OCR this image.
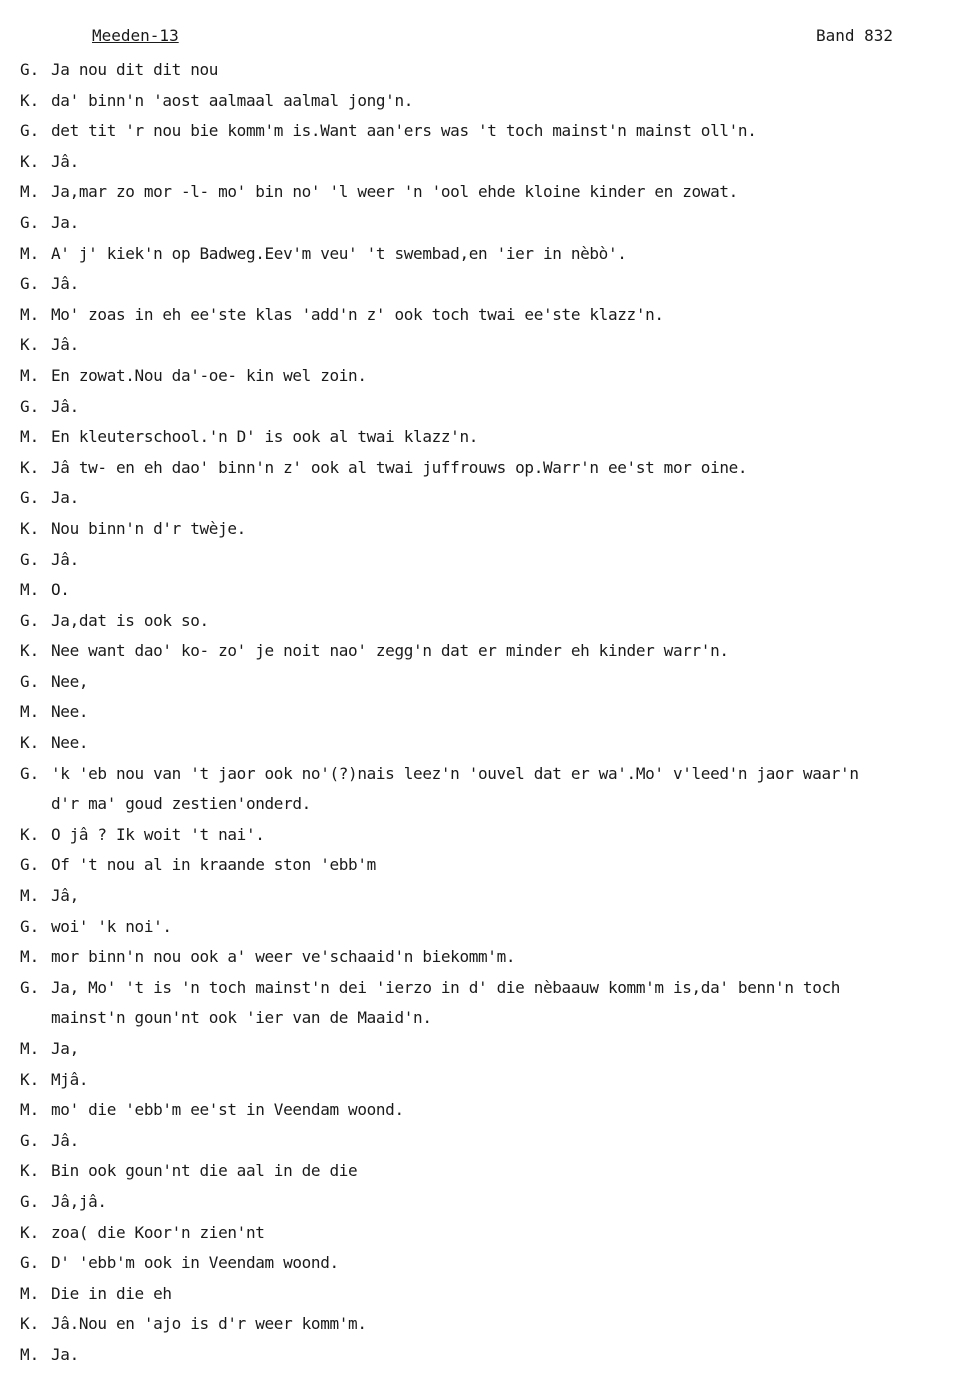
Meeden-13	Band 832
G. Ja nou dit dit nou
K. da' binn'n 'aost aalmaal aalmal jong'n.
G. det tit 'r nou bie komm'm is.Want aan'ers was 't toch mainst'n mainst oll'n.
K. Jâ.
M. Ja,mar zo mor -l- mo' bin no' 'l weer 'n 'ool ehde kloine kinder en zowat.
G. Ja.
M. A' j' kiek'n op Badweg.Eev'm veu' 't swembad,en 'ier in nèbò'.
G. Jâ.
M. Mo' zoas in eh ee'ste klas 'add'n z' ook toch twai ee'ste klazz'n.
K. Jâ.
M. En zowat.Nou da'-oe- kin wel zoin.
G. Jâ.
M. En kleuterschool.'n D' is ook al twai klazz'n.
K. Jâ tw- en eh dao' binn'n z' ook al twai juffrouws op.Warr'n ee'st mor oine.
G. Ja.
K. Nou binn'n d'r twèje.
G. Jâ.
M. O.
G. Ja,dat is ook so.
K. Nee want dao' ko- zo' je noit nao' zegg'n dat er minder eh kinder warr'n.
G. Nee,
M. Nee.
K. Nee.
G. 'k 'eb nou van 't jaor ook no'(?)nais leez'n 'ouvel dat er wa'.Mo' v'leed'n jaor waar'n
d'r ma' goud zestien'onderd.
K. O jâ ? Ik woit 't nai'.
G. Of 't nou al in kraande ston 'ebb'm
M. Jâ,
G. woi' 'k noi'.
M. mor binn'n nou ook a' weer ve'schaaid'n biekomm'm.
G. Ja, Mo' 't is 'n toch mainst'n dei 'ierzo in d' die nèbaauw komm'm is,da' benn'n toch
mainst'n goun'nt ook 'ier van de Maaid'n.
M. Ja,
K. Mjâ.
M. mo' die 'ebb'm ee'st in Veendam woond.
G. Jâ.
K. Bin ook goun'nt die aal in de die
G. Jâ,jâ.
K. zoa( die Koor'n zien'nt
G. D' 'ebb'm ook in Veendam woond.
M. Die in die eh
K. Jâ.Nou en 'ajo is d'r weer komm'm.
M. Ja.
